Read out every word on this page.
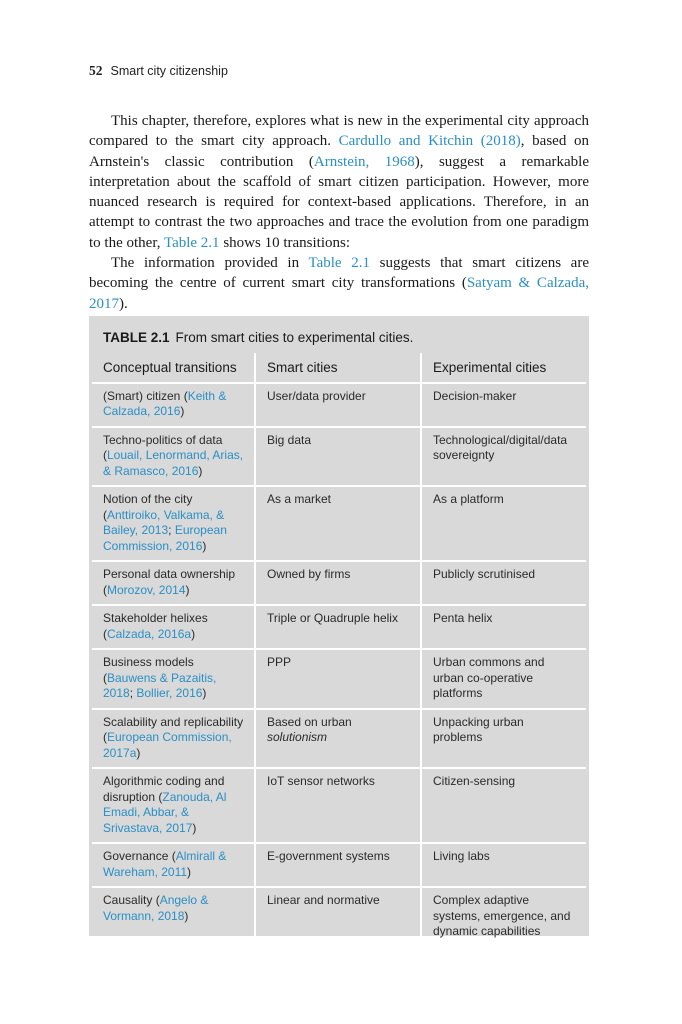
52 Smart city citizenship

This chapter, therefore, explores what is new in the experimental city approach compared to the smart city approach. Cardullo and Kitchin (2018), based on Arnstein's classic contribution (Arnstein, 1968), suggest a remarkable interpretation about the scaffold of smart citizen participation. However, more nuanced research is required for context-based applications. Therefore, in an attempt to contrast the two approaches and trace the evolution from one paradigm to the other, Table 2.1 shows 10 transitions:

The information provided in Table 2.1 suggests that smart citizens are becoming the centre of current smart city transformations (Satyam & Calzada, 2017).

TABLE 2.1 From smart cities to experimental cities.
Conceptual transitions	Smart cities	Experimental cities
(Smart) citizen (Keith & Calzada, 2016)	User/data provider	Decision-maker
Techno-politics of data (Louail, Lenormand, Arias, & Ramasco, 2016)	Big data	Technological/digital/data sovereignty
Notion of the city (Anttiroiko, Valkama, & Bailey, 2013; European Commission, 2016)	As a market	As a platform
Personal data ownership (Morozov, 2014)	Owned by firms	Publicly scrutinised
Stakeholder helixes (Calzada, 2016a)	Triple or Quadruple helix	Penta helix
Business models (Bauwens & Pazaitis, 2018; Bollier, 2016)	PPP	Urban commons and urban co-operative platforms
Scalability and replicability (European Commission, 2017a)	Based on urban solutionism	Unpacking urban problems
Algorithmic coding and disruption (Zanouda, Al Emadi, Abbar, & Srivastava, 2017)	IoT sensor networks	Citizen-sensing
Governance (Almirall & Wareham, 2011)	E-government systems	Living labs
Causality (Angelo & Vormann, 2018)	Linear and normative	Complex adaptive systems, emergence, and dynamic capabilities
